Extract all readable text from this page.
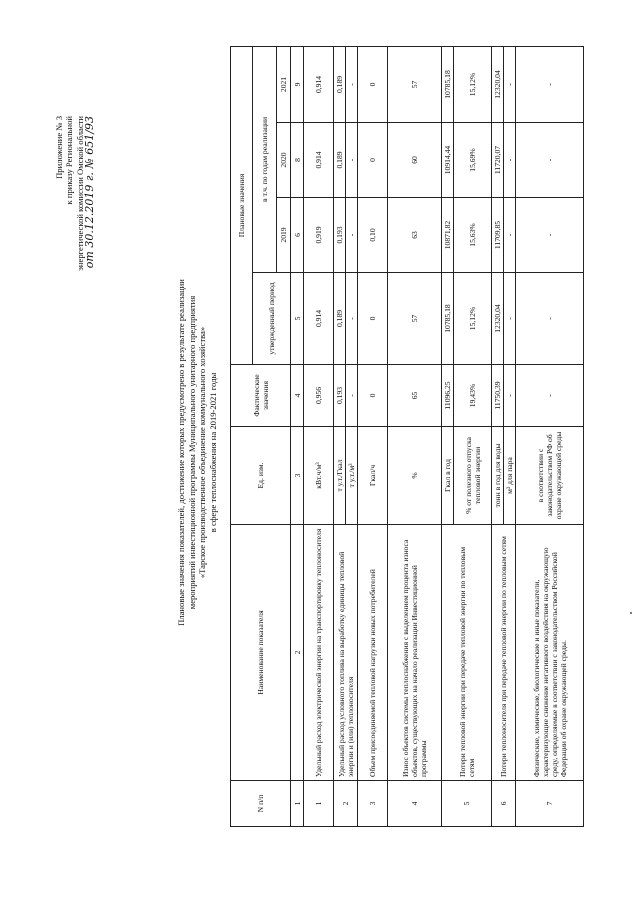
Приложение № 3 к приказу Региональной энергетической комиссии Омской области
от 30.12.2019 г. № 651/93
Плановые значения показателей, достижение которых предусмотрено в результате реализации мероприятий инвестиционной программы Муниципального унитарного предприятия «Тарское производственное объединение коммунального хозяйства» в сфере теплоснабжения на 2019-2021 годы
N п/п	Наименование показателя	Ед. изм.	Фактические значения	Плановые значения			
				утвержденный период	в т.ч. по годам реализации		
					2019	2020	2021
1	2	3	4	5	6	8	9
1	Удельный расход электрической энергии на транспортировку теплоносителя	кВт.ч/м³	0,956	0,914	0,919	0,914	0,914
2	Удельный расход условного топлива на выработку единицы тепловой энергии и (или) теплоносителя	т у.т./Гкал	0,193	0,189	0,193	0,189	0,189
		т у.т./м³	-	-	-	-	-
3	Объем присоединяемой тепловой нагрузки новых потребителей	Гкал/ч	0	0	0,10	0	0
4	Износ объектов системы теплоснабжения с выделением процента износа объектов, существующих на начало реализации Инвестиционной программы	%	65	57	63	60	57
5	Потери тепловой энергии при передаче тепловой энергии по тепловым сетям	Гкал в год	11096,25	10785,18	10871,82	10914,44	10785,18
		% от полезного отпуска тепловой энергии	19,43%	15,12%	15,63%	15,69%	15,12%
6	Потери теплоносителя при передаче тепловой энергии по тепловым сетям	тонн в год для воды	11750,39	12320,04	11709,85	11720,07	12320,04
		м³ для пара	-	-	-	-	-
7	Физические, химические, биологические и иные показатели, характеризующие снижение негативного воздействия на окружающую среду, определяемые в соответствии с законодательством Российской Федерации об охране окружающей среды.	в соответствии с законодательством РФ об охране окружающей среды	-	-	-	-	-
